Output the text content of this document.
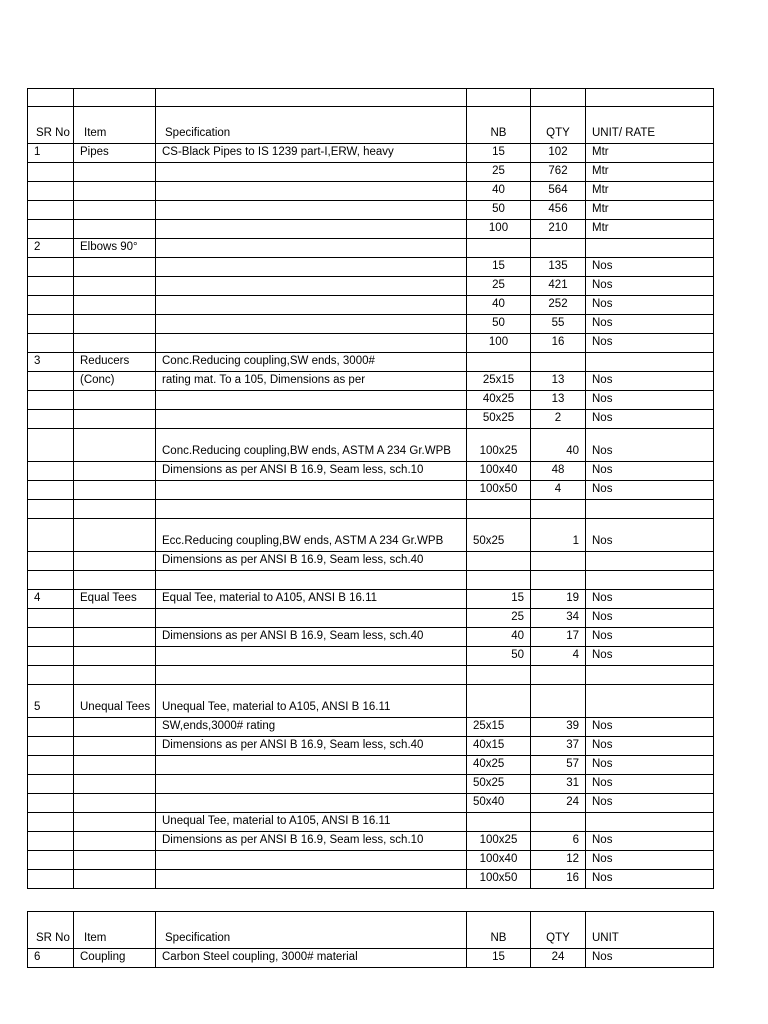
SR No	Item	Specification	NB	QTY	UNIT/ RATE
1	Pipes	CS-Black Pipes to IS 1239 part-I,ERW, heavy	15	102	Mtr
			25	762	Mtr
			40	564	Mtr
			50	456	Mtr
			100	210	Mtr
2	Elbows 90°				
			15	135	Nos
			25	421	Nos
			40	252	Nos
			50	55	Nos
			100	16	Nos
3	Reducers	Conc.Reducing coupling,SW ends, 3000#			
	(Conc)	rating mat. To a 105, Dimensions as per	25x15	13	Nos
			40x25	13	Nos
			50x25	2	Nos
		Conc.Reducing coupling,BW ends, ASTM A 234 Gr.WPB	100x25	40	Nos
		Dimensions as per ANSI B 16.9, Seam less, sch.10	100x40	48	Nos
			100x50	4	Nos

		Ecc.Reducing coupling,BW ends, ASTM A 234 Gr.WPB	50x25	1	Nos
		Dimensions as per ANSI B 16.9, Seam less, sch.40			

4	Equal Tees	Equal Tee, material to A105, ANSI B 16.11	15	19	Nos
			25	34	Nos
		Dimensions as per ANSI B 16.9, Seam less, sch.40	40	17	Nos
			50	4	Nos

5	Unequal Tees	Unequal Tee, material to A105, ANSI B 16.11			
		SW,ends,3000# rating	25x15	39	Nos
		Dimensions as per ANSI B 16.9, Seam less, sch.40	40x15	37	Nos
			40x25	57	Nos
			50x25	31	Nos
			50x40	24	Nos
		Unequal Tee, material to A105, ANSI B 16.11			
		Dimensions as per ANSI B 16.9, Seam less, sch.10	100x25	6	Nos
			100x40	12	Nos
			100x50	16	Nos
SR No	Item	Specification	NB	QTY	UNIT
6	Coupling	Carbon Steel coupling, 3000# material	15	24	Nos
